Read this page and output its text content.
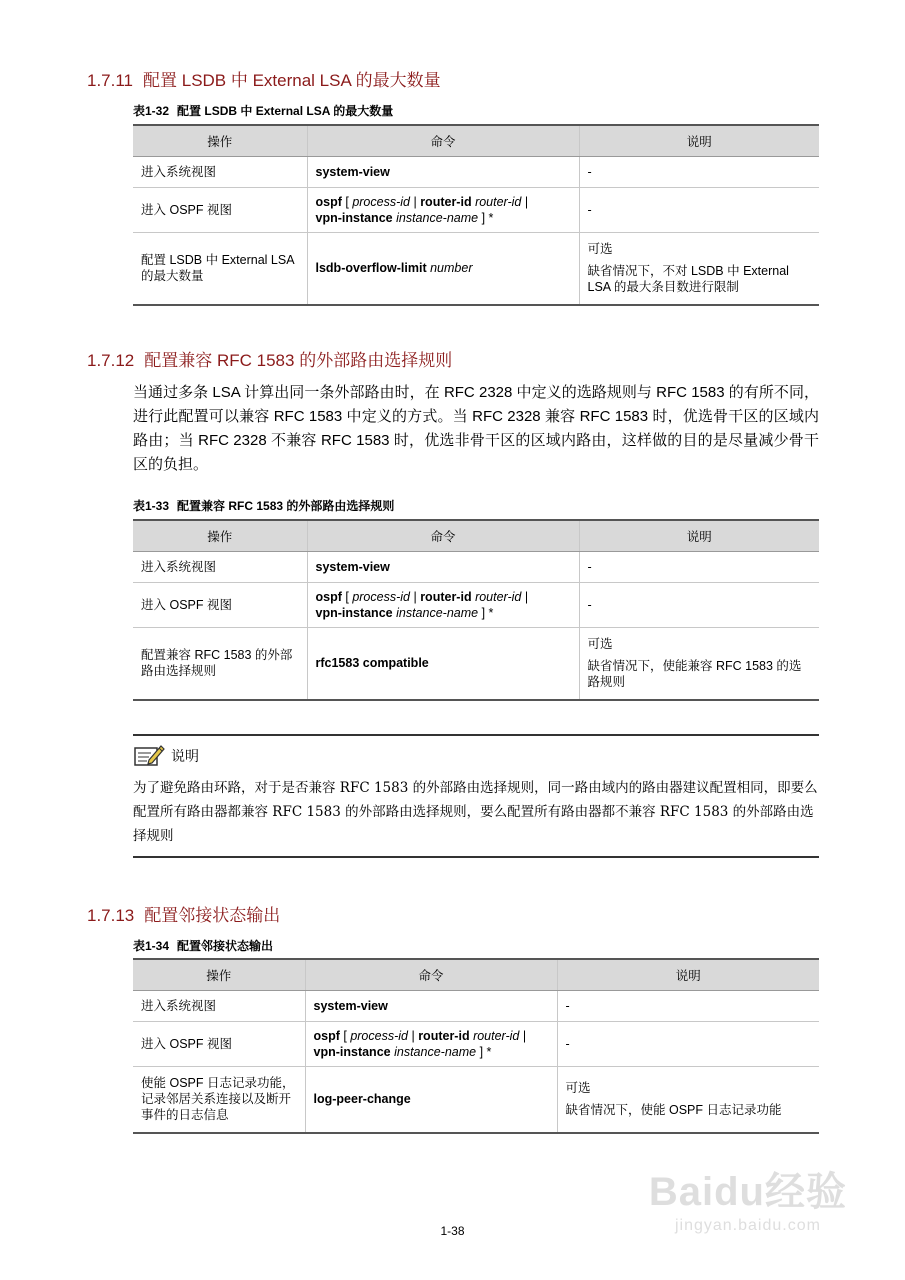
1.7.11 配置 LSDB 中 External LSA 的最大数量
表1-32 配置 LSDB 中 External LSA 的最大数量
操作	命令	说明
进入系统视图	system-view	-
进入 OSPF 视图	ospf [ process-id | router-id router-id |
vpn-instance instance-name ] *	-
配置 LSDB 中 External LSA 的最大数量	lsdb-overflow-limit number	可选
缺省情况下，不对 LSDB 中 External LSA 的最大条目数进行限制
1.7.12 配置兼容 RFC 1583 的外部路由选择规则
当通过多条 LSA 计算出同一条外部路由时，在 RFC 2328 中定义的选路规则与 RFC 1583 的有所不同，进行此配置可以兼容 RFC 1583 中定义的方式。当 RFC 2328 兼容 RFC 1583 时，优选骨干区的区域内路由；当 RFC 2328 不兼容 RFC 1583 时，优选非骨干区的区域内路由，这样做的目的是尽量减少骨干区的负担。
表1-33 配置兼容 RFC 1583 的外部路由选择规则
操作	命令	说明
进入系统视图	system-view	-
进入 OSPF 视图	ospf [ process-id | router-id router-id |
vpn-instance instance-name ] *	-
配置兼容 RFC 1583 的外部路由选择规则	rfc1583 compatible	可选
缺省情况下，使能兼容 RFC 1583 的选路规则
说明
为了避免路由环路，对于是否兼容 RFC 1583 的外部路由选择规则，同一路由域内的路由器建议配置相同，即要么配置所有路由器都兼容 RFC 1583 的外部路由选择规则，要么配置所有路由器都不兼容 RFC 1583 的外部路由选择规则
1.7.13 配置邻接状态输出
表1-34 配置邻接状态输出
操作	命令	说明
进入系统视图	system-view	-
进入 OSPF 视图	ospf [ process-id | router-id router-id |
vpn-instance instance-name ] *	-
使能 OSPF 日志记录功能，记录邻居关系连接以及断开事件的日志信息	log-peer-change	可选
缺省情况下，使能 OSPF 日志记录功能
Baidu经验
jingyan.baidu.com
1-38
